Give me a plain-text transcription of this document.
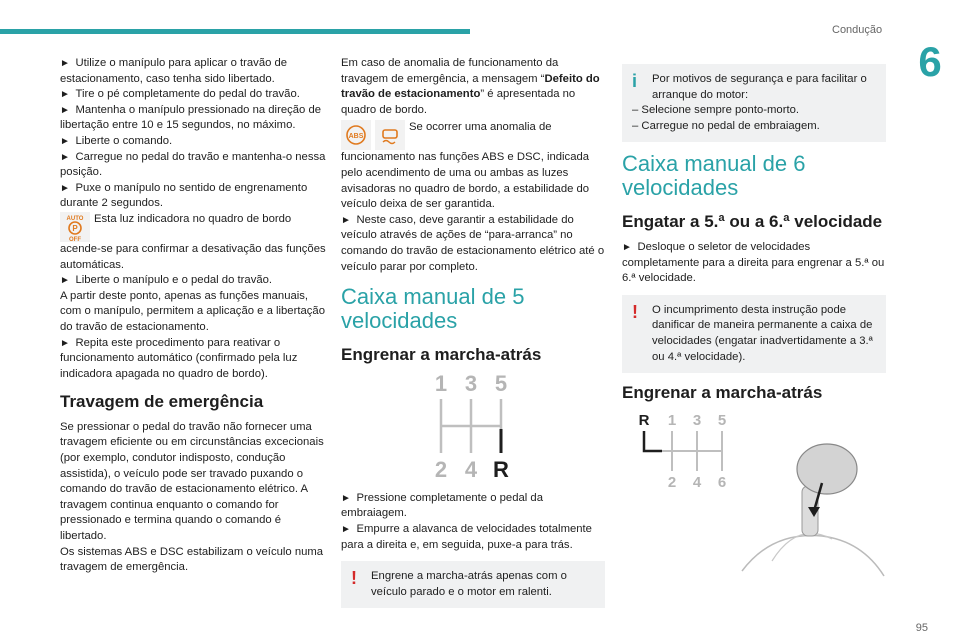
Condução
6

►  Utilize o manípulo para aplicar o travão de estacionamento, caso tenha sido libertado.

►  Tire o pé completamente do pedal do travão.

►  Mantenha o manípulo pressionado na direção de libertação entre 10 e 15 segundos, no máximo.

►  Liberte o comando.

►  Carregue no pedal do travão e mantenha-o nessa posição.

►  Puxe o manípulo no sentido de engrenamento durante 2 segundos.

AUTO
OFF
P
Esta luz indicadora no quadro de bordo acende-se para confirmar a desativação das funções automáticas.

►  Liberte o manípulo e o pedal do travão.

A partir deste ponto, apenas as funções manuais, com o manípulo, permitem a aplicação e a libertação do travão de estacionamento.

►  Repita este procedimento para reativar o funcionamento automático (confirmado pela luz indicadora apagada no quadro de bordo).

Travagem de emergência

Se pressionar o pedal do travão não fornecer uma travagem eficiente ou em circunstâncias excecionais (por exemplo, condutor indisposto, condução assistida), o veículo pode ser travado puxando o comando do travão de estacionamento elétrico. A travagem continua enquanto o comando for pressionado e termina quando o comando é libertado.

Os sistemas ABS e DSC estabilizam o veículo numa travagem de emergência.

Em caso de anomalia de funcionamento da travagem de emergência, a mensagem “Defeito do travão de estacionamento” é apresentada no quadro de bordo.

ABS
Se ocorrer uma anomalia de funcionamento nas funções ABS e DSC, indicada pelo acendimento de uma ou ambas as luzes avisadoras no quadro de bordo, a estabilidade do veículo deixa de ser garantida.

►  Neste caso, deve garantir a estabilidade do veículo através de ações de “para-arranca” no comando do travão de estacionamento elétrico até o veículo parar por completo.

Caixa manual de 5 velocidades
Engrenar a marcha-atrás
1 3 5
2 4 R

►  Pressione completamente o pedal da embraiagem.

►  Empurre a alavanca de velocidades totalmente para a direita e, em seguida, puxe-a para trás.

! Engrene a marcha-atrás apenas com o veículo parado e o motor em ralenti.
i Por motivos de segurança e para facilitar o arranque do motor:
– Selecione sempre ponto-morto.
– Carregue no pedal de embraiagem.
Caixa manual de 6 velocidades
Engatar a 5.ª ou a 6.ª velocidade

►  Desloque o seletor de velocidades completamente para a direita para engrenar a 5.ª ou 6.ª velocidade.

! O incumprimento desta instrução pode danificar de maneira permanente a caixa de velocidades (engatar inadvertidamente a 3.ª ou 4.ª velocidade).
Engrenar a marcha-atrás
R 1 3 5
2 4 6
95
